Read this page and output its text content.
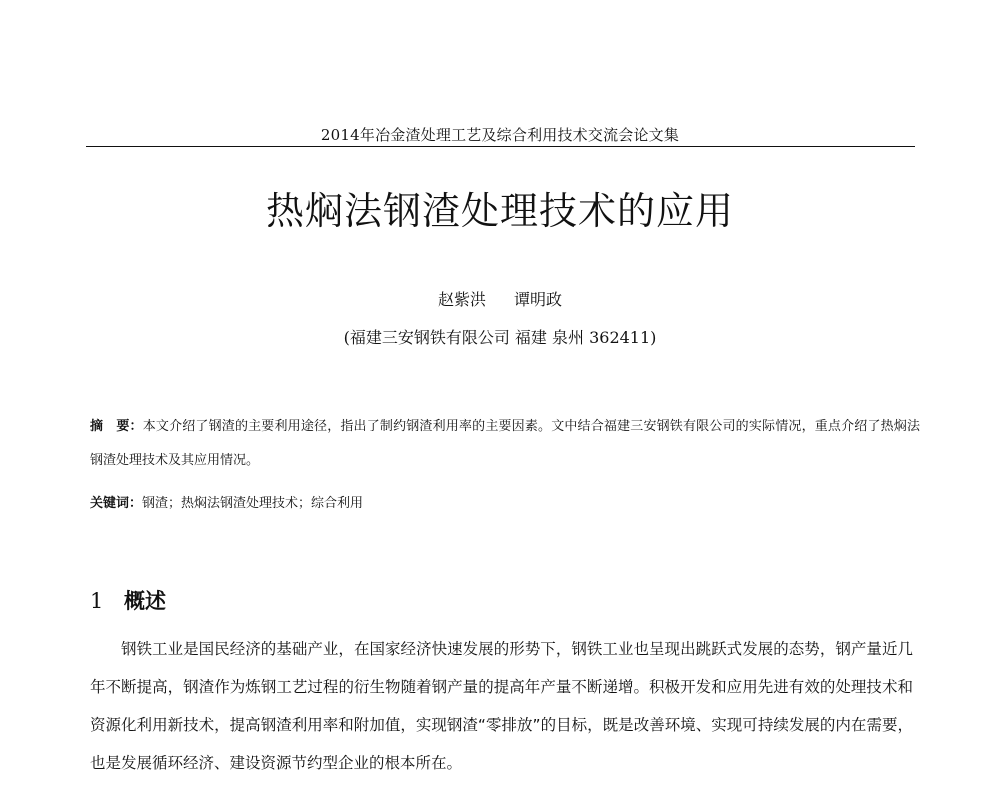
2014年冶金渣处理工艺及综合利用技术交流会论文集
热焖法钢渣处理技术的应用
赵紫洪 谭明政
(福建三安钢铁有限公司 福建 泉州 362411)
摘　要：本文介绍了钢渣的主要利用途径，指出了制约钢渣利用率的主要因素。文中结合福建三安钢铁有限公司的实际情况，重点介绍了热焖法钢渣处理技术及其应用情况。
关键词：钢渣；热焖法钢渣处理技术；综合利用
1 概述
钢铁工业是国民经济的基础产业，在国家经济快速发展的形势下，钢铁工业也呈现出跳跃式发展的态势，钢产量近几年不断提高，钢渣作为炼钢工艺过程的衍生物随着钢产量的提高年产量不断递增。积极开发和应用先进有效的处理技术和资源化利用新技术，提高钢渣利用率和附加值，实现钢渣“零排放”的目标，既是改善环境、实现可持续发展的内在需要，也是发展循环经济、建设资源节约型企业的根本所在。
